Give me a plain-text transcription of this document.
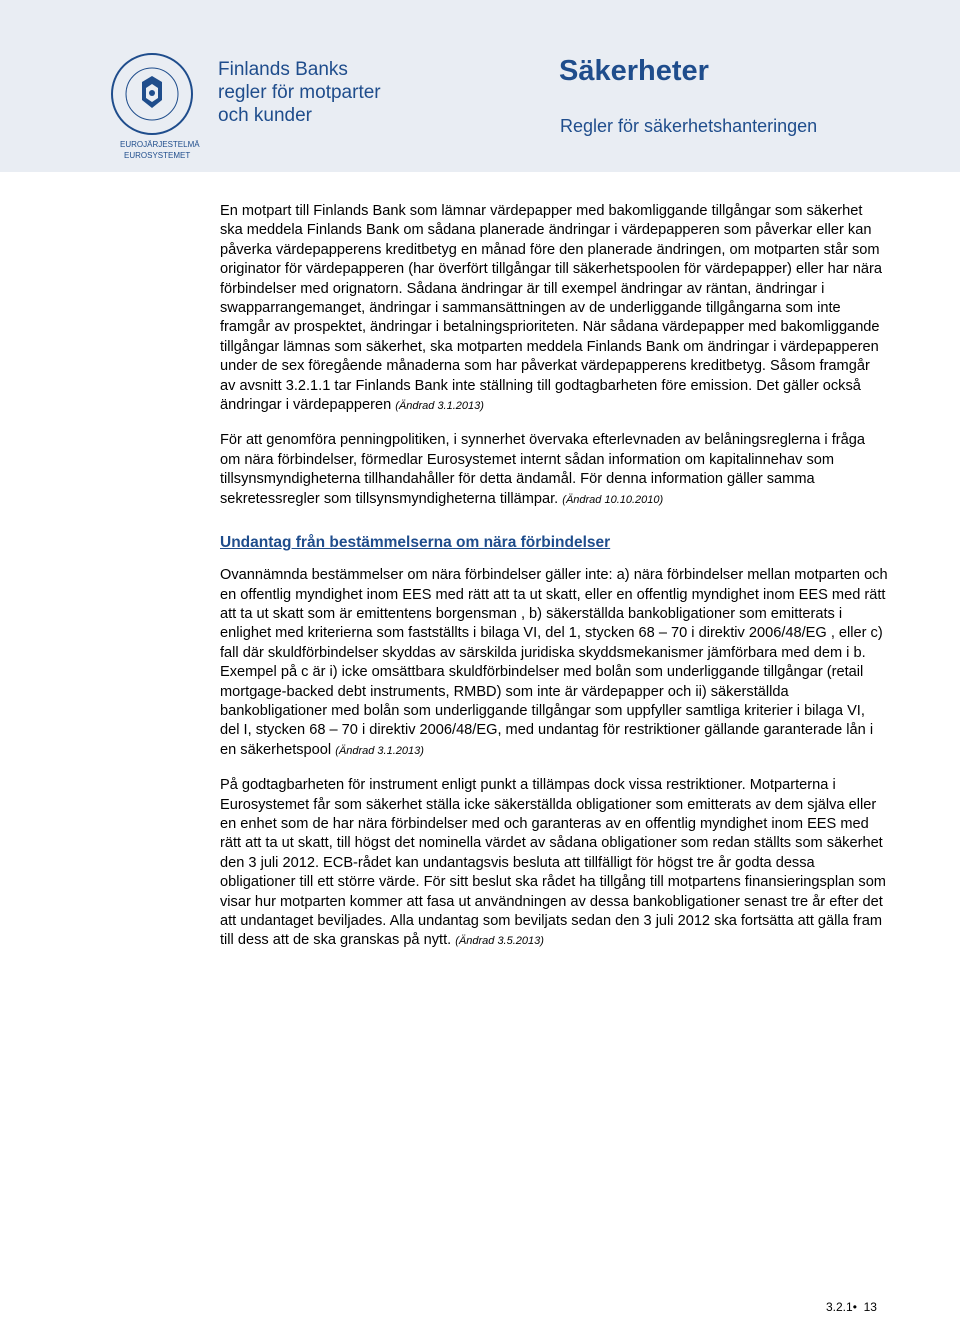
EUROJÄRJESTELMÄ
EUROSYSTEMET
Finlands Banks
regler för motparter
och kunder
Säkerheter
Regler för säkerhetshanteringen

En motpart till Finlands Bank som lämnar värdepapper med bakomliggande tillgångar som säkerhet ska meddela Finlands Bank om sådana planerade ändringar i värdepapperen som påverkar eller kan påverka värdepapperens kreditbetyg en månad före den planerade ändringen, om motparten står som originator för värdepapperen (har överfört tillgångar till säkerhetspoolen för värdepapper) eller har nära förbindelser med orignatorn. Sådana ändringar är till exempel ändringar av räntan, ändringar i swapparrangemanget, ändringar i sammansättningen av de underliggande tillgångarna som inte framgår av prospektet, ändringar i betalningsprioriteten. När sådana värdepapper med bakomliggande tillgångar lämnas som säkerhet, ska motparten meddela Finlands Bank om ändringar i värdepapperen under de sex föregående månaderna som har påverkat värdepapperens kreditbetyg. Såsom framgår av avsnitt 3.2.1.1 tar Finlands Bank inte ställning till godtagbarheten före emission. Det gäller också ändringar i värdepapperen (Ändrad 3.1.2013)

För att genomföra penningpolitiken, i synnerhet övervaka efterlevnaden av belåningsreglerna i fråga om nära förbindelser, förmedlar Eurosystemet internt sådan information om kapitalinnehav som tillsynsmyndigheterna tillhandahåller för detta ändamål. För denna information gäller samma sekretessregler som tillsynsmyndigheterna tillämpar. (Ändrad 10.10.2010)

Undantag från bestämmelserna om nära förbindelser

Ovannämnda bestämmelser om nära förbindelser gäller inte: a) nära förbindelser mellan motparten och en offentlig myndighet inom EES med rätt att ta ut skatt, eller en offentlig myndighet inom EES med rätt att ta ut skatt som är emittentens borgensman , b) säkerställda bankobligationer som emitterats i enlighet med kriterierna som fastställts i bilaga VI, del 1, stycken 68 – 70 i direktiv 2006/48/EG , eller c) fall där skuldförbindelser skyddas av särskilda juridiska skyddsmekanismer jämförbara med dem i b. Exempel på c är i) icke omsättbara skuldförbindelser med bolån som underliggande tillgångar (retail mortgage-backed debt instruments, RMBD) som inte är värdepapper och ii) säkerställda bankobligationer med bolån som underliggande tillgångar som uppfyller samtliga kriterier i bilaga VI, del I, stycken 68 – 70 i direktiv 2006/48/EG, med undantag för restriktioner gällande garanterade lån i en säkerhetspool (Ändrad 3.1.2013)

På godtagbarheten för instrument enligt punkt a tillämpas dock vissa restriktioner. Motparterna i Eurosystemet får som säkerhet ställa icke säkerställda obligationer som emitterats av dem själva eller en enhet som de har nära förbindelser med och garanteras av en offentlig myndighet inom EES med rätt att ta ut skatt, till högst det nominella värdet av sådana obligationer som redan ställts som säkerhet den 3 juli 2012. ECB-rådet kan undantagsvis besluta att tillfälligt för högst tre år godta dessa obligationer till ett större värde. För sitt beslut ska rådet ha tillgång till motpartens finansieringsplan som visar hur motparten kommer att fasa ut användningen av dessa bankobligationer senast tre år efter det att undantaget beviljades. Alla undantag som beviljats sedan den 3 juli 2012 ska fortsätta att gälla fram till dess att de ska granskas på nytt. (Ändrad 3.5.2013)

3.2.1• 13
